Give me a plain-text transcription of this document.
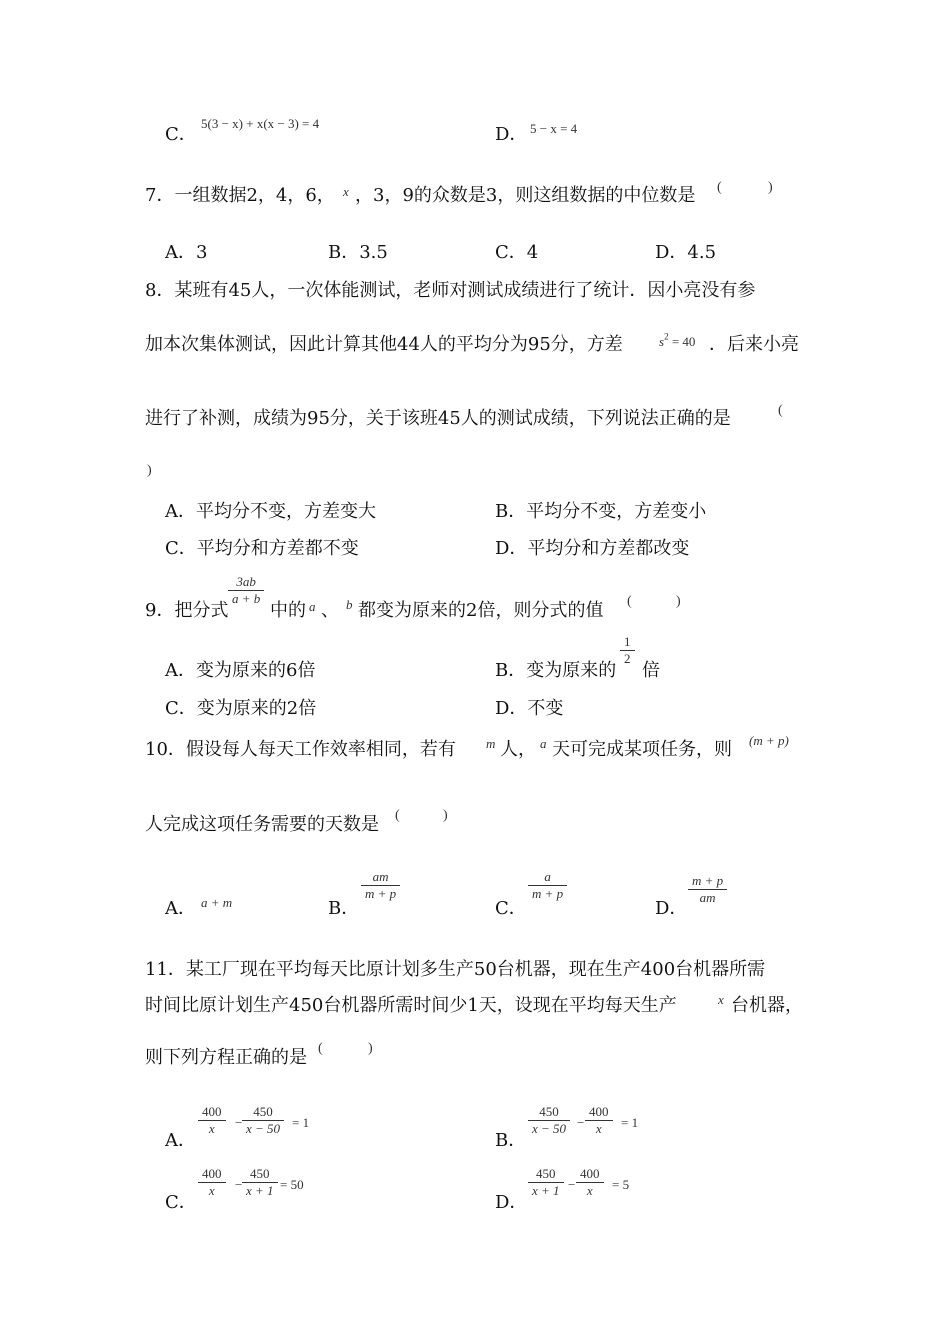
C．
5(3 − x) + x(x − 3) = 4
D． 5 − x = 4
7．一组数据2，4，6， x ，3，9的众数是3，则这组数据的中位数是 (	)
A．3	B．3.5	C．4	D．4.5
8．某班有45人，一次体能测试，老师对测试成绩进行了统计．因小亮没有参
加本次集体测试，因此计算其他44人的平均分为95分，方差	$s^2 = 40$ ．后来小亮
进行了补测，成绩为95分，关于该班45人的测试成绩，下列说法正确的是	(
)
A．平均分不变，方差变大	B．平均分不变，方差变小
C．平均分和方差都不变	D．平均分和方差都改变
9．把分式
3ab
a + b
中的 a 、 b 都变为原来的2倍，则分式的值 (	)
A．变为原来的6倍	B．变为原来的
1
2
倍
C．变为原来的2倍	D．不变
10．假设每人每天工作效率相同，若有 m 人， a 天可完成某项任务，则 (m + p)
人完成这项任务需要的天数是 (	)
A． a + m	B．
am
m + p
C．
a
m + p
D．
m + p
am
11．某工厂现在平均每天比原计划多生产50台机器，现在生产400台机器所需
时间比原计划生产450台机器所需时间少1天，设现在平均每天生产	x 台机器，
则下列方程正确的是 (	)
A．
400
x	−
450
x − 50 = 1
B．
450
x − 50 −
400
x	= 1
C．
400
x	−
450
x + 1 = 50
D．
450
x + 1 −
400
x	= 5
